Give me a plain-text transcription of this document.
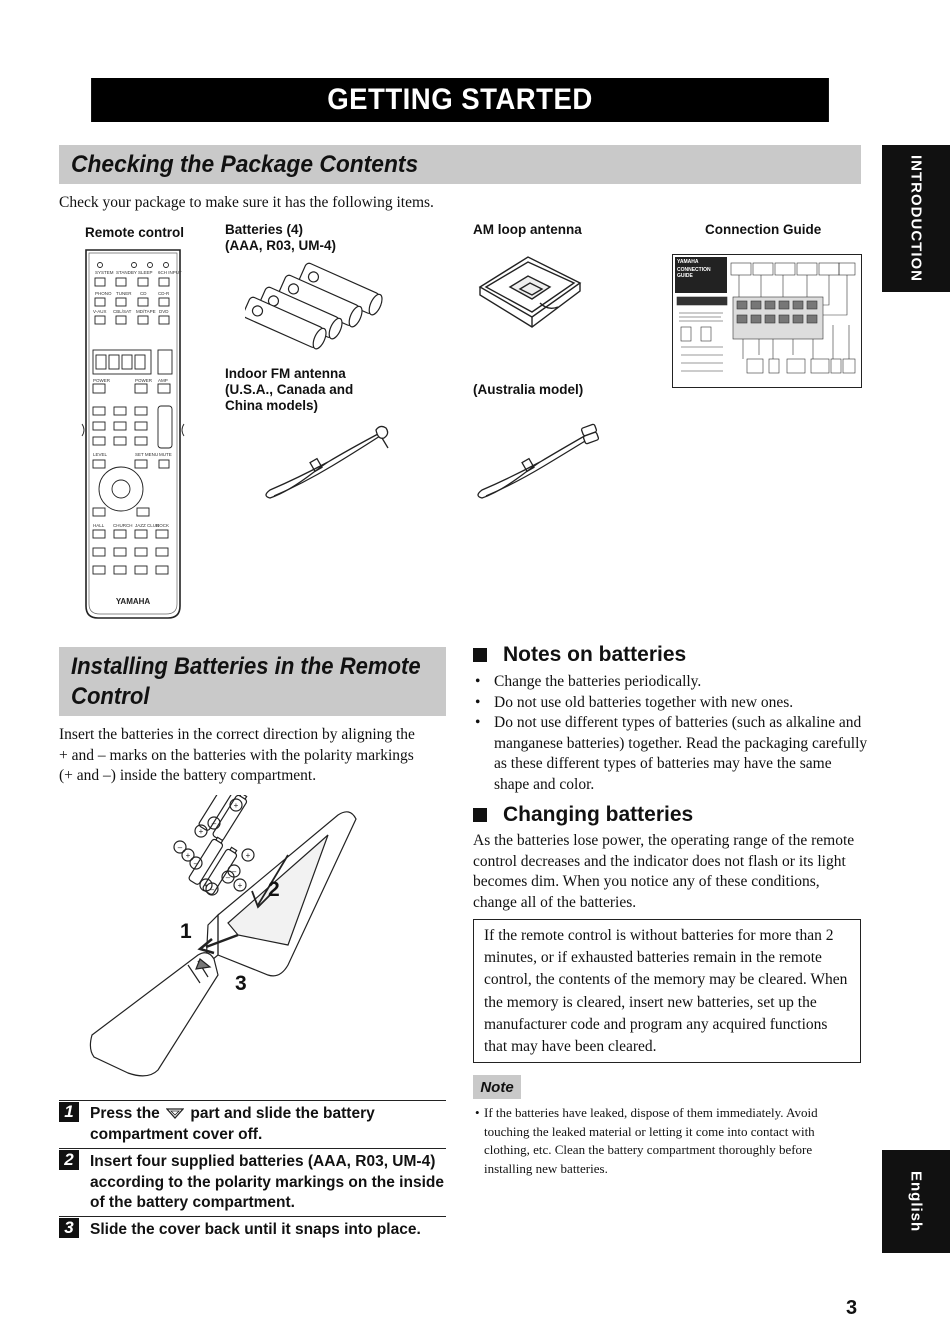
GETTING STARTED
INTRODUCTION
English
Checking the Package Contents
Check your package to make sure it has the following items.
Remote control	Batteries (4)
(AAA, R03, UM-4)
AM loop antenna	Connection Guide
Indoor FM antenna
(U.S.A., Canada and
China models)
(Australia model)
SYSTEM STANDBY SLEEP 6CH INPUT
PHONO TUNER CD	CD-R
V-AUX CBL/SAT MD/TAPE DVD
POWER	POWER AMP
LEVEL	SET MENU MUTE
HALL CHURCH JAZZ CLUB
ROCK
YAMAHA
YAMAHA
CONNECTION
GUIDE
Installing Batteries in the Remote
Control
Insert the batteries in the correct direction by aligning the
+ and – marks on the batteries with the polarity markings
(+ and –) inside the battery compartment.
+
–
+
–
+
–
+
–
+
–
+ –
1
2
3
1	Press the part and slide the battery compartment cover off.
2	Insert four supplied batteries (AAA, R03, UM-4) according to the polarity markings on the inside of the battery compartment.
3	Slide the cover back until it snaps into place.
Notes on batteries
• Change the batteries periodically.
• Do not use old batteries together with new ones.
• Do not use different types of batteries (such as alkaline and manganese batteries) together. Read the packaging carefully as these different types of batteries may have the same shape and color.
Changing batteries
As the batteries lose power, the operating range of the remote control decreases and the indicator does not flash or its light becomes dim. When you notice any of these conditions, change all of the batteries.
If the remote control is without batteries for more than 2 minutes, or if exhausted batteries remain in the remote control, the contents of the memory may be cleared. When the memory is cleared, insert new batteries, set up the manufacturer code and program any acquired functions that may have been cleared.
Note
• If the batteries have leaked, dispose of them immediately. Avoid touching the leaked material or letting it come into contact with clothing, etc. Clean the battery compartment thoroughly before installing new batteries.
3
